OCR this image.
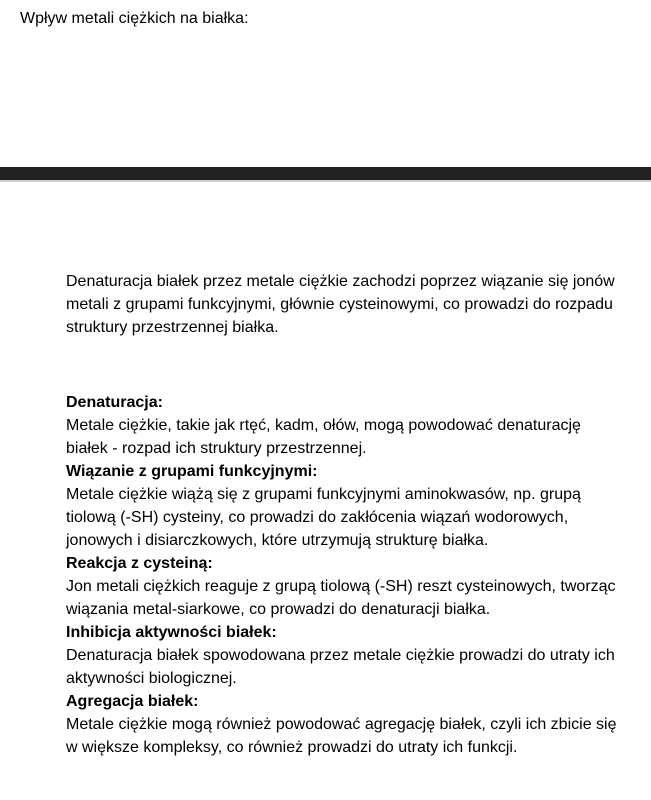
Wpływ metali ciężkich na białka:

Denaturacja białek przez metale ciężkie zachodzi poprzez wiązanie się jonów metali z grupami funkcyjnymi, głównie cysteinowymi, co prowadzi do rozpadu struktury przestrzennej białka.

Denaturacja:

Metale ciężkie, takie jak rtęć, kadm, ołów, mogą powodować denaturację białek - rozpad ich struktury przestrzennej.

Wiązanie z grupami funkcyjnymi:

Metale ciężkie wiążą się z grupami funkcyjnymi aminokwasów, np. grupą tiolową (-SH) cysteiny, co prowadzi do zakłócenia wiązań wodorowych, jonowych i disiarczkowych, które utrzymują strukturę białka.

Reakcja z cysteiną:

Jon metali ciężkich reaguje z grupą tiolową (-SH) reszt cysteinowych, tworząc wiązania metal-siarkowe, co prowadzi do denaturacji białka.

Inhibicja aktywności białek:

Denaturacja białek spowodowana przez metale ciężkie prowadzi do utraty ich aktywności biologicznej.

Agregacja białek:

Metale ciężkie mogą również powodować agregację białek, czyli ich zbicie się w większe kompleksy, co również prowadzi do utraty ich funkcji.
